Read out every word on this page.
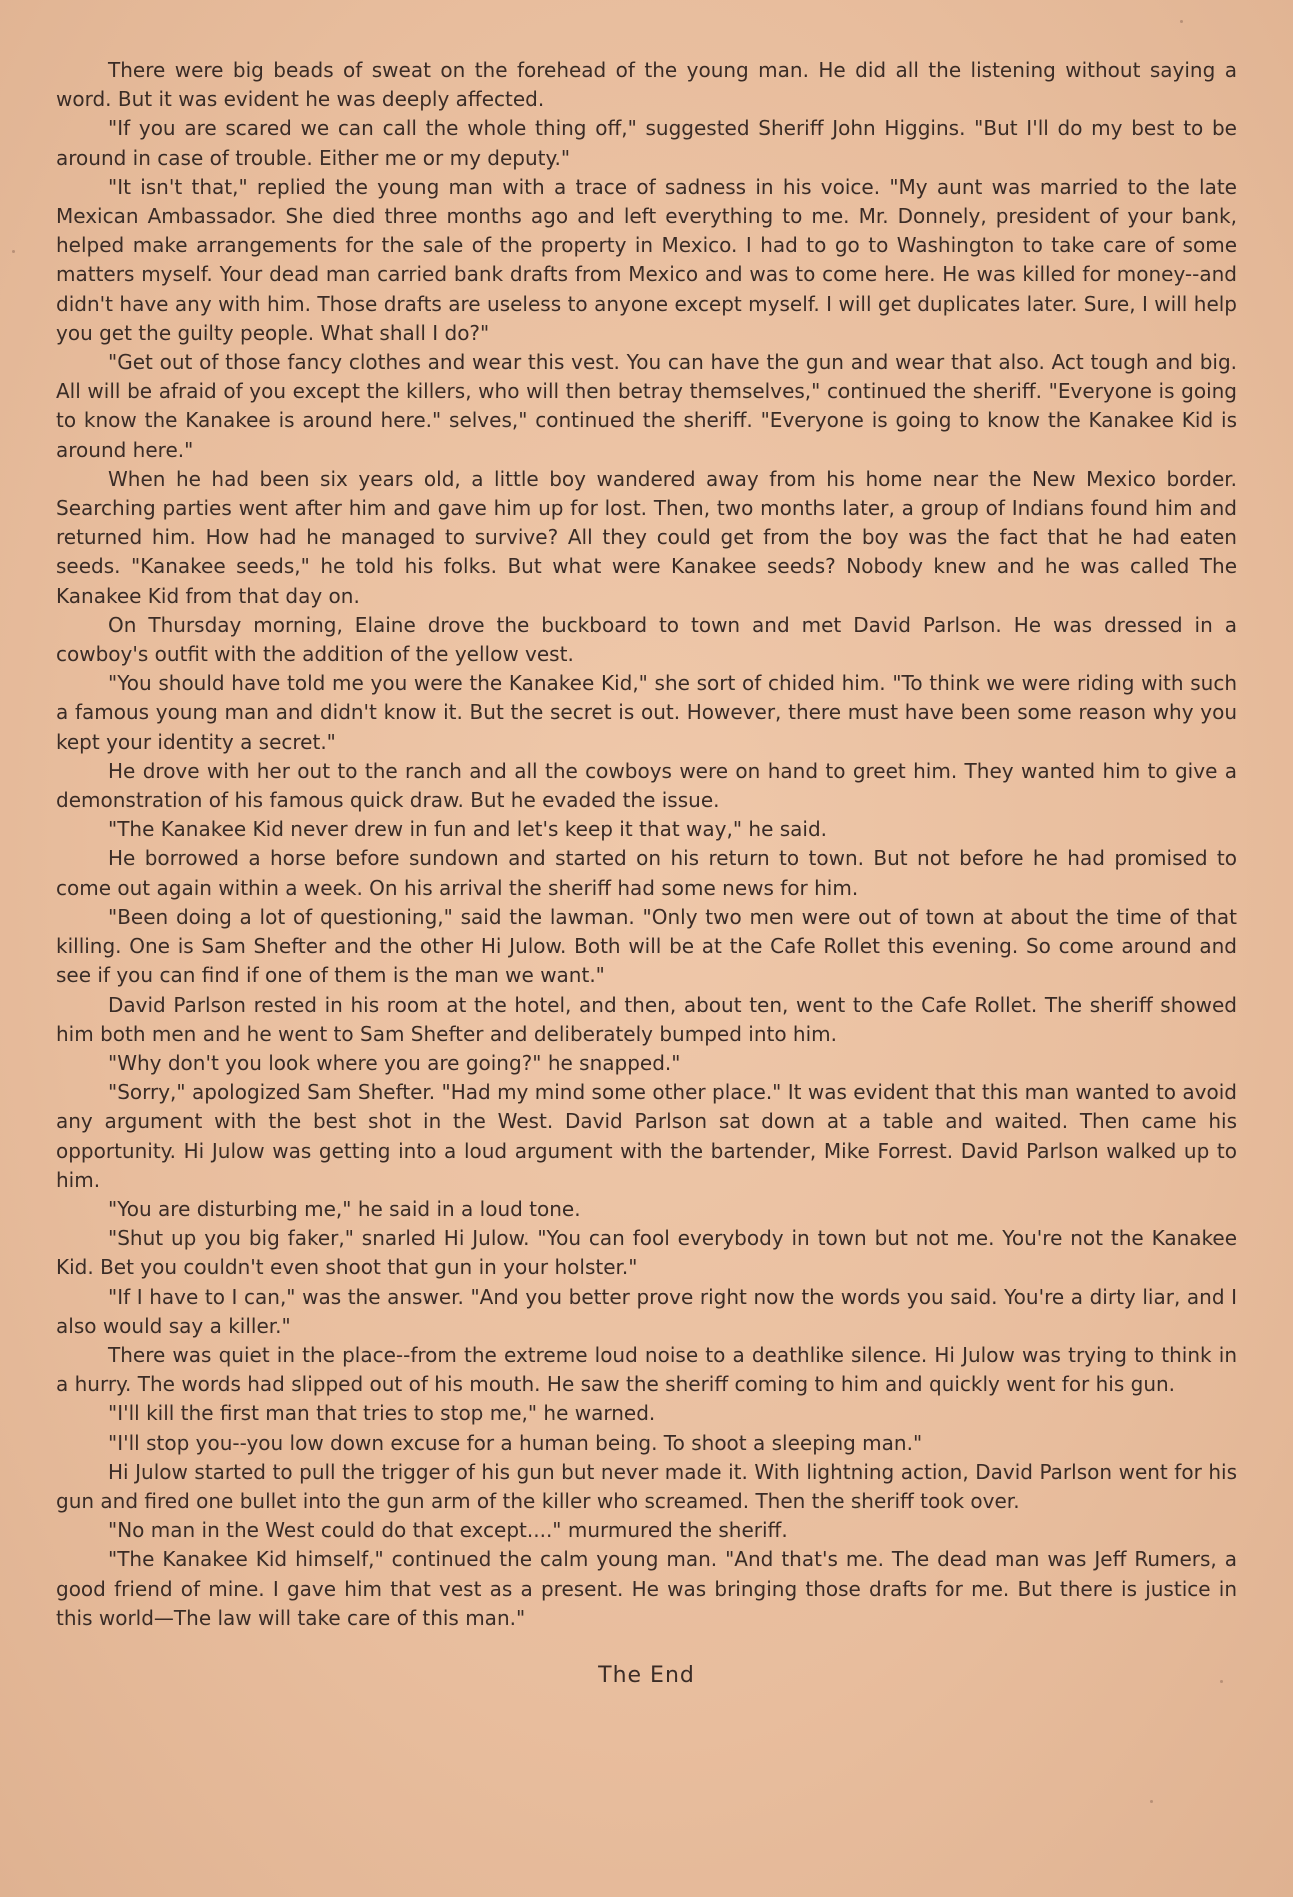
There were big beads of sweat on the forehead of the young man. He did all the listening without saying a word. But it was evident he was deeply affected.

"If you are scared we can call the whole thing off," suggested Sheriff John Higgins. "But I'll do my best to be around in case of trouble. Either me or my deputy."

"It isn't that," replied the young man with a trace of sadness in his voice. "My aunt was married to the late Mexican Ambassador. She died three months ago and left everything to me. Mr. Donnely, president of your bank, helped make arrangements for the sale of the property in Mexico. I had to go to Washington to take care of some matters myself. Your dead man carried bank drafts from Mexico and was to come here. He was killed for money--and didn't have any with him. Those drafts are useless to anyone except myself. I will get duplicates later. Sure, I will help you get the guilty people. What shall I do?"

"Get out of those fancy clothes and wear this vest. You can have the gun and wear that also. Act tough and big. All will be afraid of you except the killers, who will then betray themselves," continued the sheriff. "Everyone is going to know the Kanakee is around here." selves," continued the sheriff. "Everyone is going to know the Kanakee Kid is around here."

When he had been six years old, a little boy wandered away from his home near the New Mexico border. Searching parties went after him and gave him up for lost. Then, two months later, a group of Indians found him and returned him. How had he managed to survive? All they could get from the boy was the fact that he had eaten seeds. "Kanakee seeds," he told his folks. But what were Kanakee seeds? Nobody knew and he was called The Kanakee Kid from that day on.

On Thursday morning, Elaine drove the buckboard to town and met David Parlson. He was dressed in a cowboy's outfit with the addition of the yellow vest.

"You should have told me you were the Kanakee Kid," she sort of chided him. "To think we were riding with such a famous young man and didn't know it. But the secret is out. However, there must have been some reason why you kept your identity a secret."

He drove with her out to the ranch and all the cowboys were on hand to greet him. They wanted him to give a demonstration of his famous quick draw. But he evaded the issue.

"The Kanakee Kid never drew in fun and let's keep it that way," he said.

He borrowed a horse before sundown and started on his return to town. But not before he had promised to come out again within a week. On his arrival the sheriff had some news for him.

"Been doing a lot of questioning," said the lawman. "Only two men were out of town at about the time of that killing. One is Sam Shefter and the other Hi Julow. Both will be at the Cafe Rollet this evening. So come around and see if you can find if one of them is the man we want."

David Parlson rested in his room at the hotel, and then, about ten, went to the Cafe Rollet. The sheriff showed him both men and he went to Sam Shefter and deliberately bumped into him.

"Why don't you look where you are going?" he snapped."

"Sorry," apologized Sam Shefter. "Had my mind some other place." It was evident that this man wanted to avoid any argument with the best shot in the West. David Parlson sat down at a table and waited. Then came his opportunity. Hi Julow was getting into a loud argument with the bartender, Mike Forrest. David Parlson walked up to him.

"You are disturbing me," he said in a loud tone.

"Shut up you big faker," snarled Hi Julow. "You can fool everybody in town but not me. You're not the Kanakee Kid. Bet you couldn't even shoot that gun in your holster."

"If I have to I can," was the answer. "And you better prove right now the words you said. You're a dirty liar, and I also would say a killer."

There was quiet in the place--from the extreme loud noise to a deathlike silence. Hi Julow was trying to think in a hurry. The words had slipped out of his mouth. He saw the sheriff coming to him and quickly went for his gun.

"I'll kill the first man that tries to stop me," he warned.

"I'll stop you--you low down excuse for a human being. To shoot a sleeping man."

Hi Julow started to pull the trigger of his gun but never made it. With lightning action, David Parlson went for his gun and fired one bullet into the gun arm of the killer who screamed. Then the sheriff took over.

"No man in the West could do that except...." murmured the sheriff.

"The Kanakee Kid himself," continued the calm young man. "And that's me. The dead man was Jeff Rumers, a good friend of mine. I gave him that vest as a present. He was bringing those drafts for me. But there is justice in this world—The law will take care of this man."

The End
